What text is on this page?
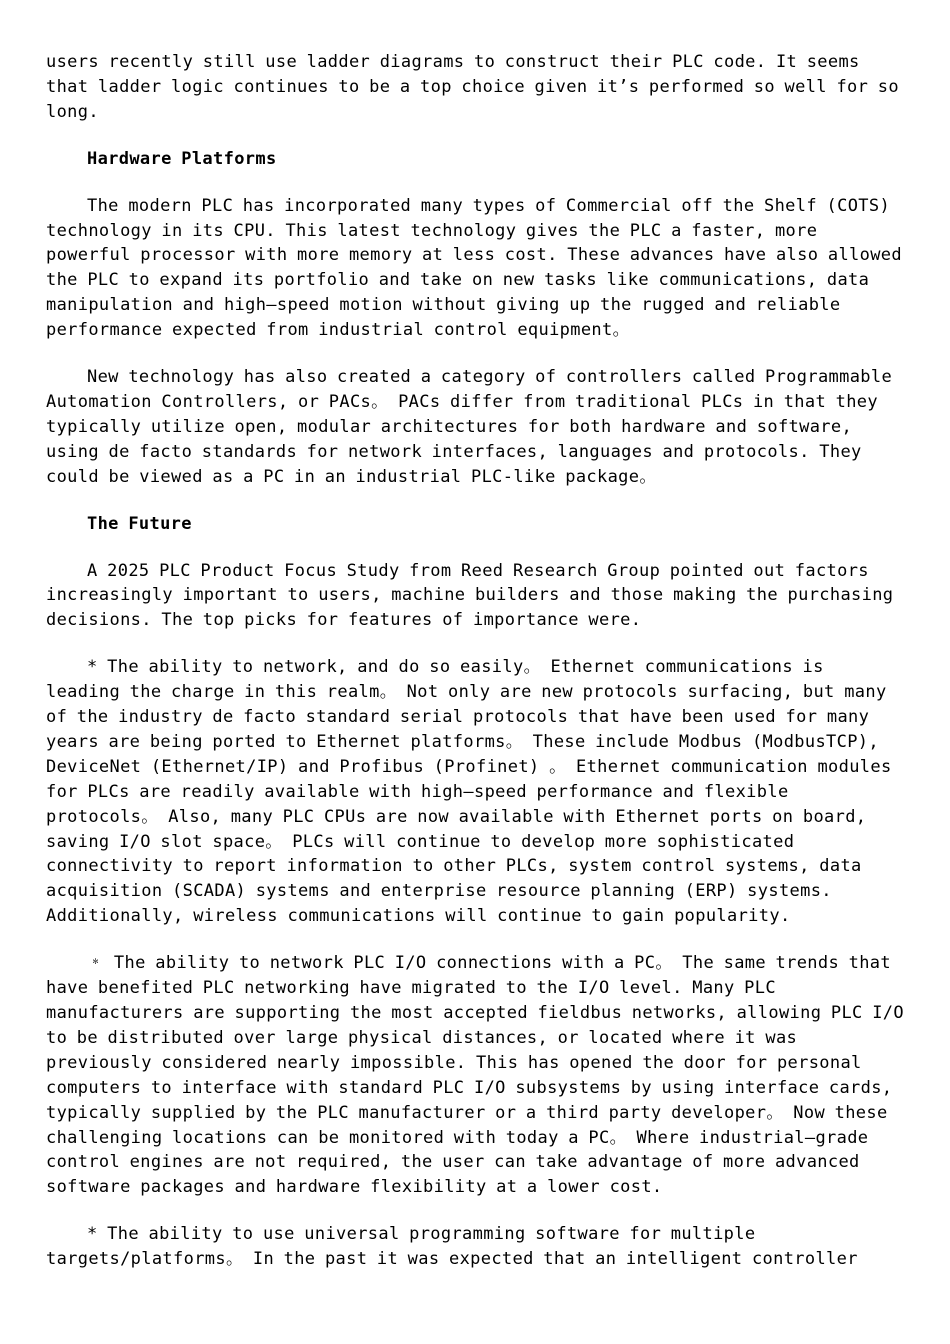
users recently still use ladder diagrams to construct their PLC code. It seems that ladder logic continues to be a top choice given it’s performed so well for so long.

Hardware Platforms

The modern PLC has incorporated many types of Commercial off the Shelf (COTS) technology in its CPU. This latest technology gives the PLC a faster, more powerful processor with more memory at less cost. These advances have also allowed the PLC to expand its portfolio and take on new tasks like communications, data manipulation and high—speed motion without giving up the rugged and reliable performance expected from industrial control equipment。

New technology has also created a category of controllers called Programmable Automation Controllers, or PACs。 PACs differ from traditional PLCs in that they typically utilize open, modular architectures for both hardware and software, using de facto standards for network interfaces, languages and protocols. They could be viewed as a PC in an industrial PLC-like package。

The Future

A 2025 PLC Product Focus Study from Reed Research Group pointed out factors increasingly important to users, machine builders and those making the purchasing decisions. The top picks for features of importance were.

* The ability to network, and do so easily。 Ethernet communications is leading the charge in this realm。 Not only are new protocols surfacing, but many of the industry de facto standard serial protocols that have been used for many years are being ported to Ethernet platforms。 These include Modbus (ModbusTCP), DeviceNet (Ethernet/IP) and Profibus (Profinet) 。 Ethernet communication modules for PLCs are readily available with high—speed performance and flexible protocols。 Also, many PLC CPUs are now available with Ethernet ports on board, saving I/O slot space。 PLCs will continue to develop more sophisticated connectivity to report information to other PLCs, system control systems, data acquisition (SCADA) systems and enterprise resource planning (ERP) systems. Additionally, wireless communications will continue to gain popularity.

﹡ The ability to network PLC I/O connections with a PC。 The same trends that have benefited PLC networking have migrated to the I/O level. Many PLC manufacturers are supporting the most accepted fieldbus networks, allowing PLC I/O to be distributed over large physical distances, or located where it was previously considered nearly impossible. This has opened the door for personal computers to interface with standard PLC I/O subsystems by using interface cards, typically supplied by the PLC manufacturer or a third party developer。 Now these challenging locations can be monitored with today a PC。 Where industrial—grade control engines are not required, the user can take advantage of more advanced software packages and hardware flexibility at a lower cost.

* The ability to use universal programming software for multiple targets/platforms。 In the past it was expected that an intelligent controller
